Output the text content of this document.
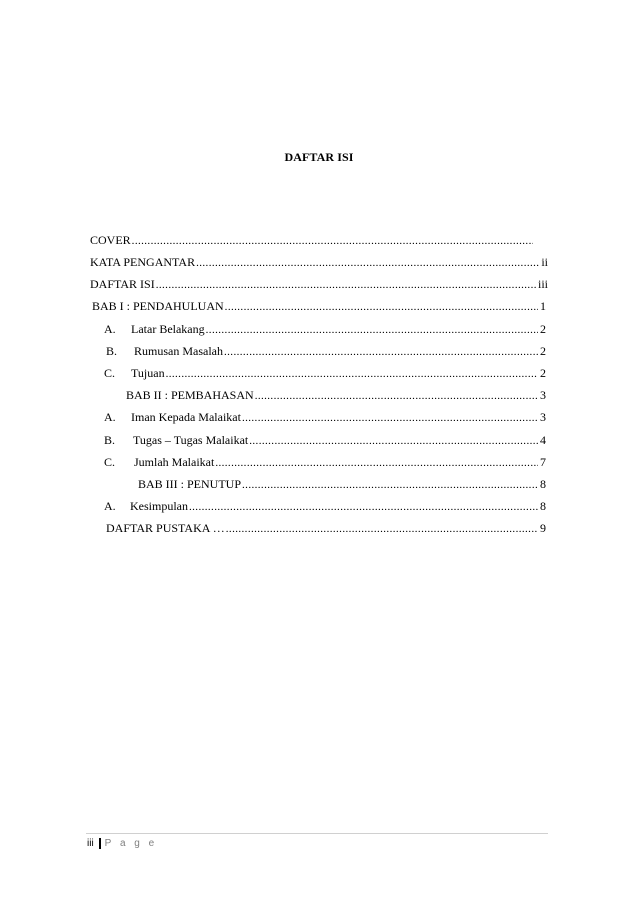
DAFTAR ISI
COVER
.....
KATA PENGANTAR .....	ii
DAFTAR ISI .....	iii
BAB I : PENDAHULUAN .....	1
A.	Latar Belakang .....	2
B.	Rumusan Masalah .....	2
C.	Tujuan .....	2
BAB II : PEMBAHASAN .....	3
A.	Iman Kepada Malaikat .....	3
B.	Tugas – Tugas Malaikat .....	4
C.	Jumlah Malaikat .....	7
BAB III : PENUTUP .....	8
A.	Kesimpulan .....	8
DAFTAR PUSTAKA … .....	9
iii P a g e
